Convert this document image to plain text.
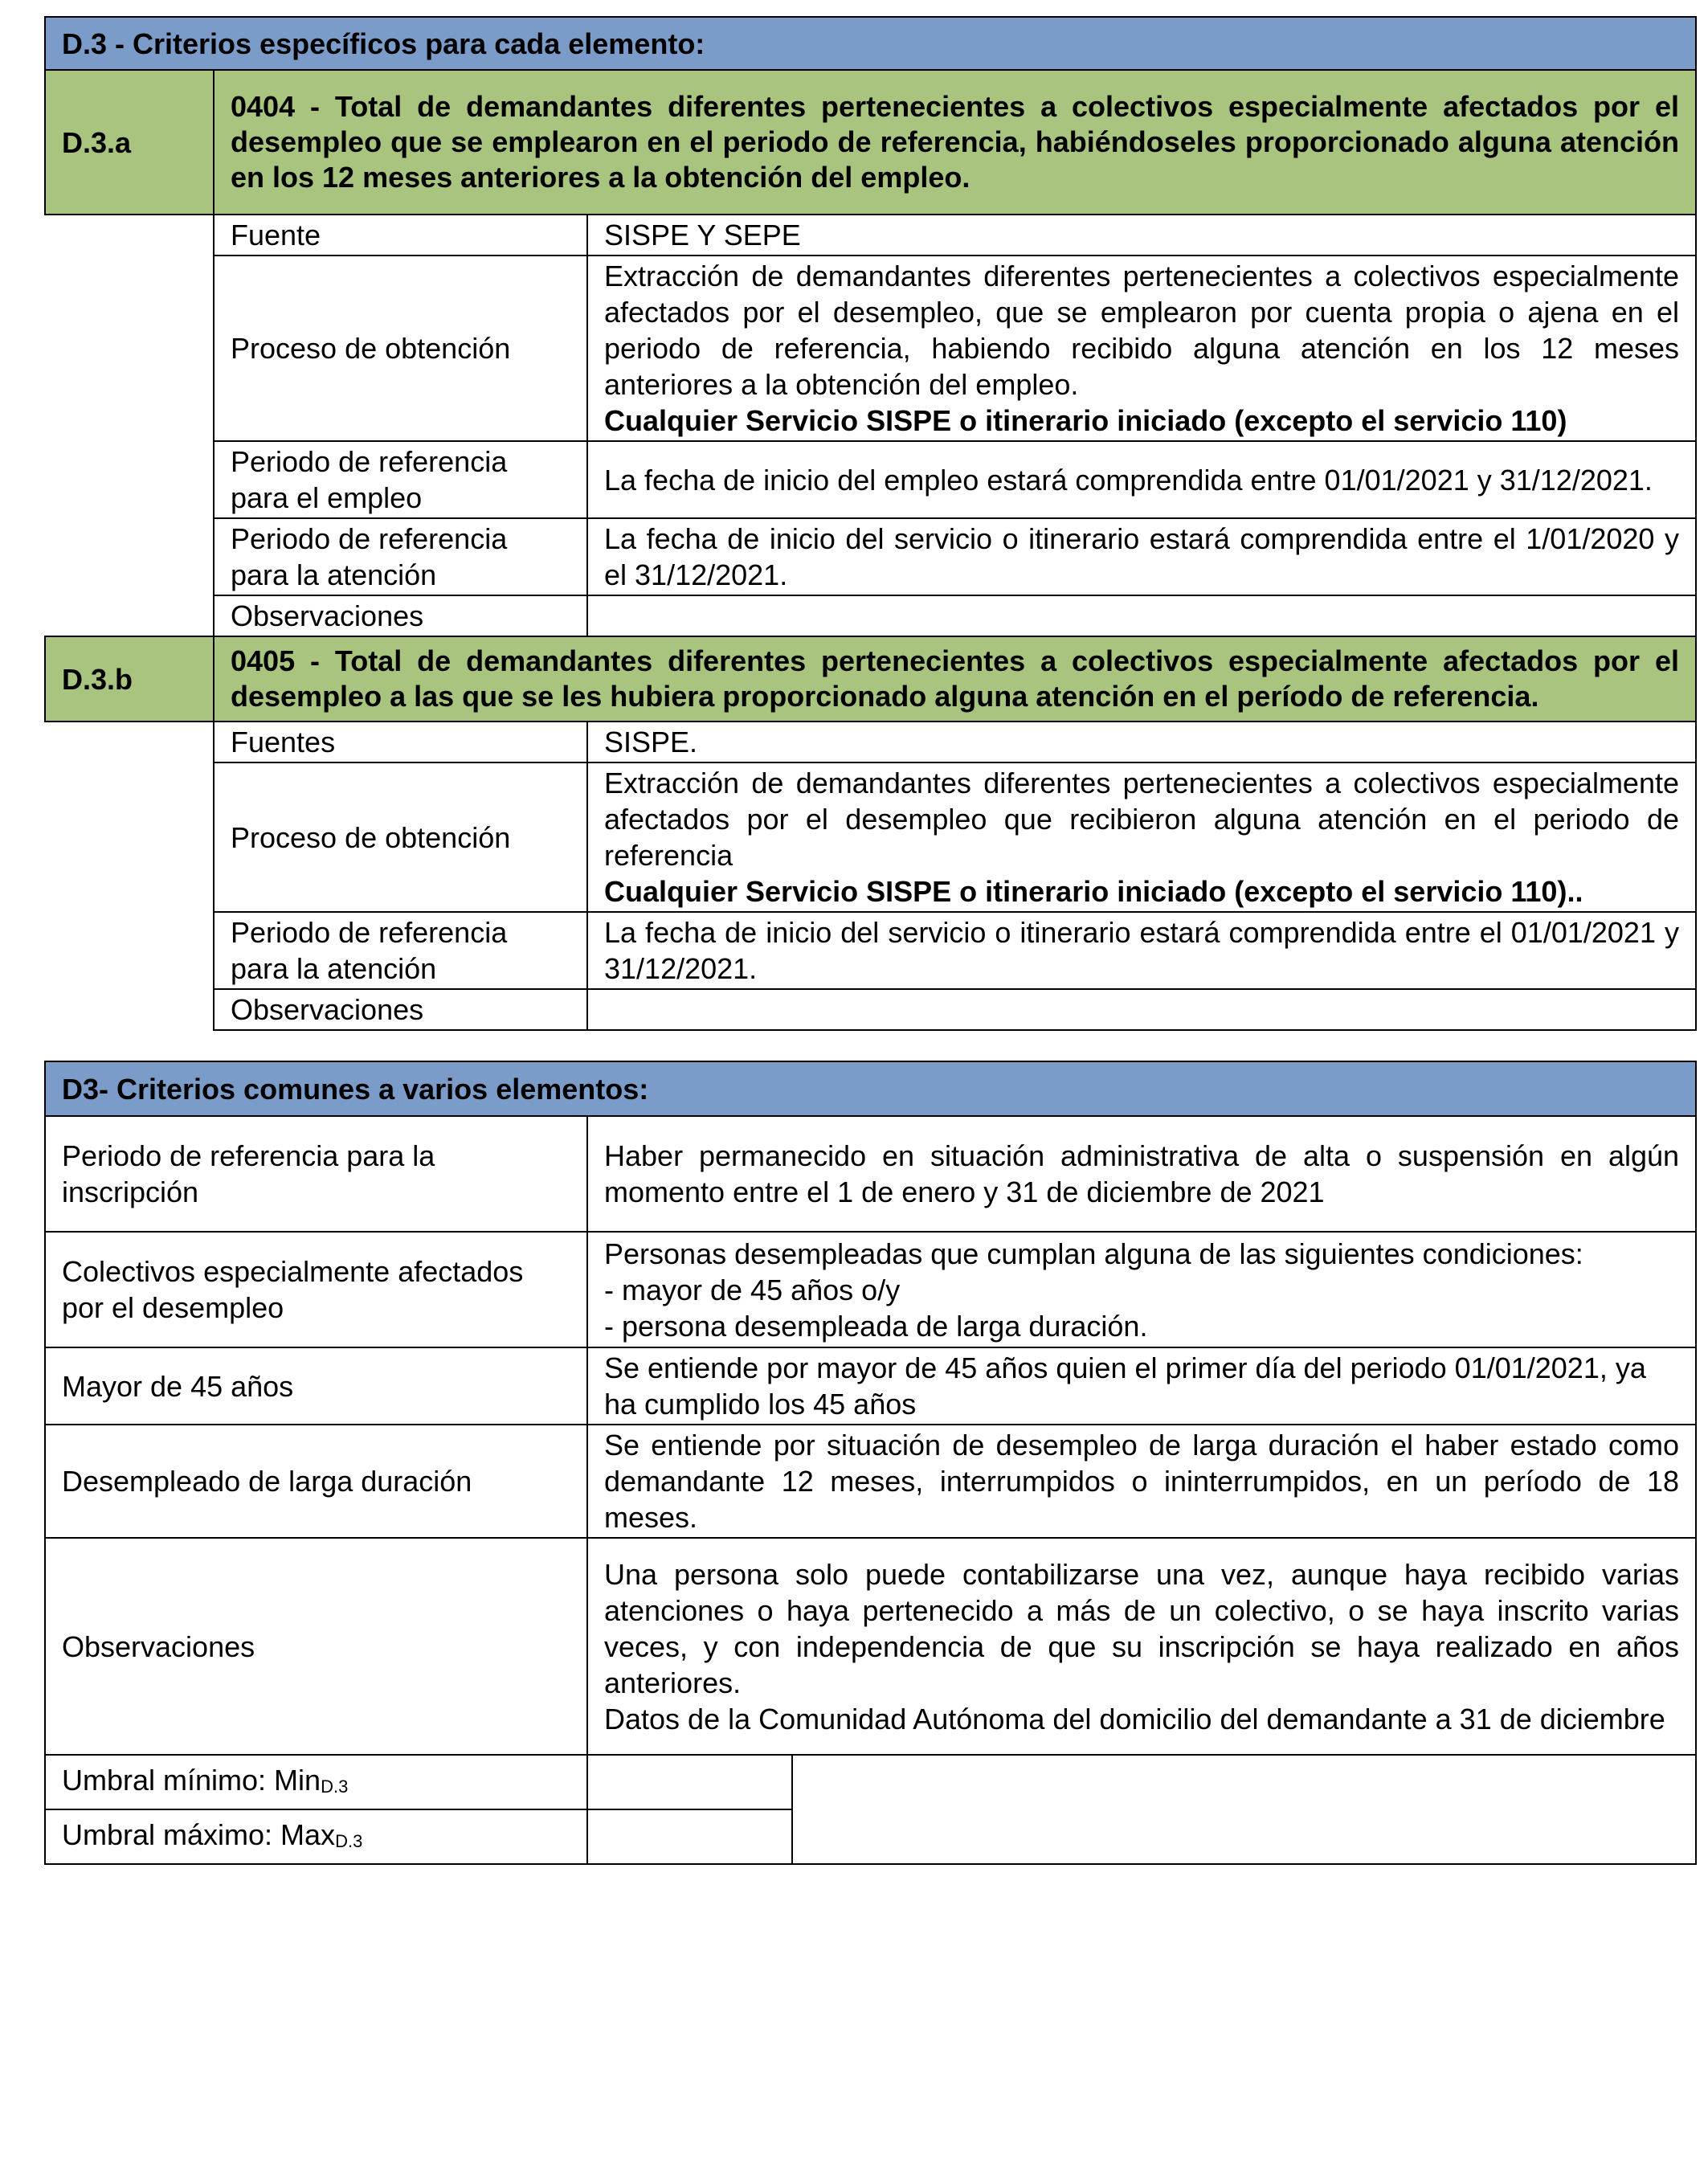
D.3 - Criterios específicos para cada elemento:		
D.3.a	0404 - Total de demandantes diferentes pertenecientes a colectivos especialmente afectados por el desempleo que se emplearon en el periodo de referencia, habiéndoseles proporcionado alguna atención en los 12 meses anteriores a la obtención del empleo.	
	Fuente	SISPE Y SEPE
	Proceso de obtención	Extracción de demandantes diferentes pertenecientes a colectivos especialmente afectados por el desempleo, que se emplearon por cuenta propia o ajena en el periodo de referencia, habiendo recibido alguna atención en los 12 meses anteriores a la obtención del empleo.

Cualquier Servicio SISPE o itinerario iniciado (excepto el servicio 110)

	Periodo de referencia para el empleo	La fecha de inicio del empleo estará comprendida entre 01/01/2021 y 31/12/2021.
	Periodo de referencia para la atención	La fecha de inicio del servicio o itinerario estará comprendida entre el 1/01/2020 y el 31/12/2021.
	Observaciones	
D.3.b	0405 - Total de demandantes diferentes pertenecientes a colectivos especialmente afectados por el desempleo a las que se les hubiera proporcionado alguna atención en el período de referencia.	
	Fuentes	SISPE.
	Proceso de obtención	Extracción de demandantes diferentes pertenecientes a colectivos especialmente afectados por el desempleo que recibieron alguna atención en el periodo de referencia

Cualquier Servicio SISPE o itinerario iniciado (excepto el servicio 110)..

	Periodo de referencia para la atención	La fecha de inicio del servicio o itinerario estará comprendida entre el 01/01/2021 y 31/12/2021.
	Observaciones	
D3- Criterios comunes a varios elementos:		
Periodo de referencia para la inscripción	Haber permanecido en situación administrativa de alta o suspensión en algún momento entre el 1 de enero y 31 de diciembre de 2021	
Colectivos especialmente afectados por el desempleo	Personas desempleadas que cumplan alguna de las siguientes condiciones:

- mayor de 45 años o/y

- persona desempleada de larga duración.	

Mayor de 45 años	Se entiende por mayor de 45 años quien el primer día del periodo 01/01/2021, ya ha cumplido los 45 años	
Desempleado de larga duración	Se entiende por situación de desempleo de larga duración el haber estado como demandante 12 meses, interrumpidos o ininterrumpidos, en un período de 18 meses.	
Observaciones	Una persona solo puede contabilizarse una vez, aunque haya recibido varias atenciones o haya pertenecido a más de un colectivo, o se haya inscrito varias veces, y con independencia de que su inscripción se haya realizado en años anteriores.

Datos de la Comunidad Autónoma del domicilio del demandante a 31 de diciembre	

Umbral mínimo: Min$_{D.3}$		
Umbral máximo: Max$_{D.3}$	
